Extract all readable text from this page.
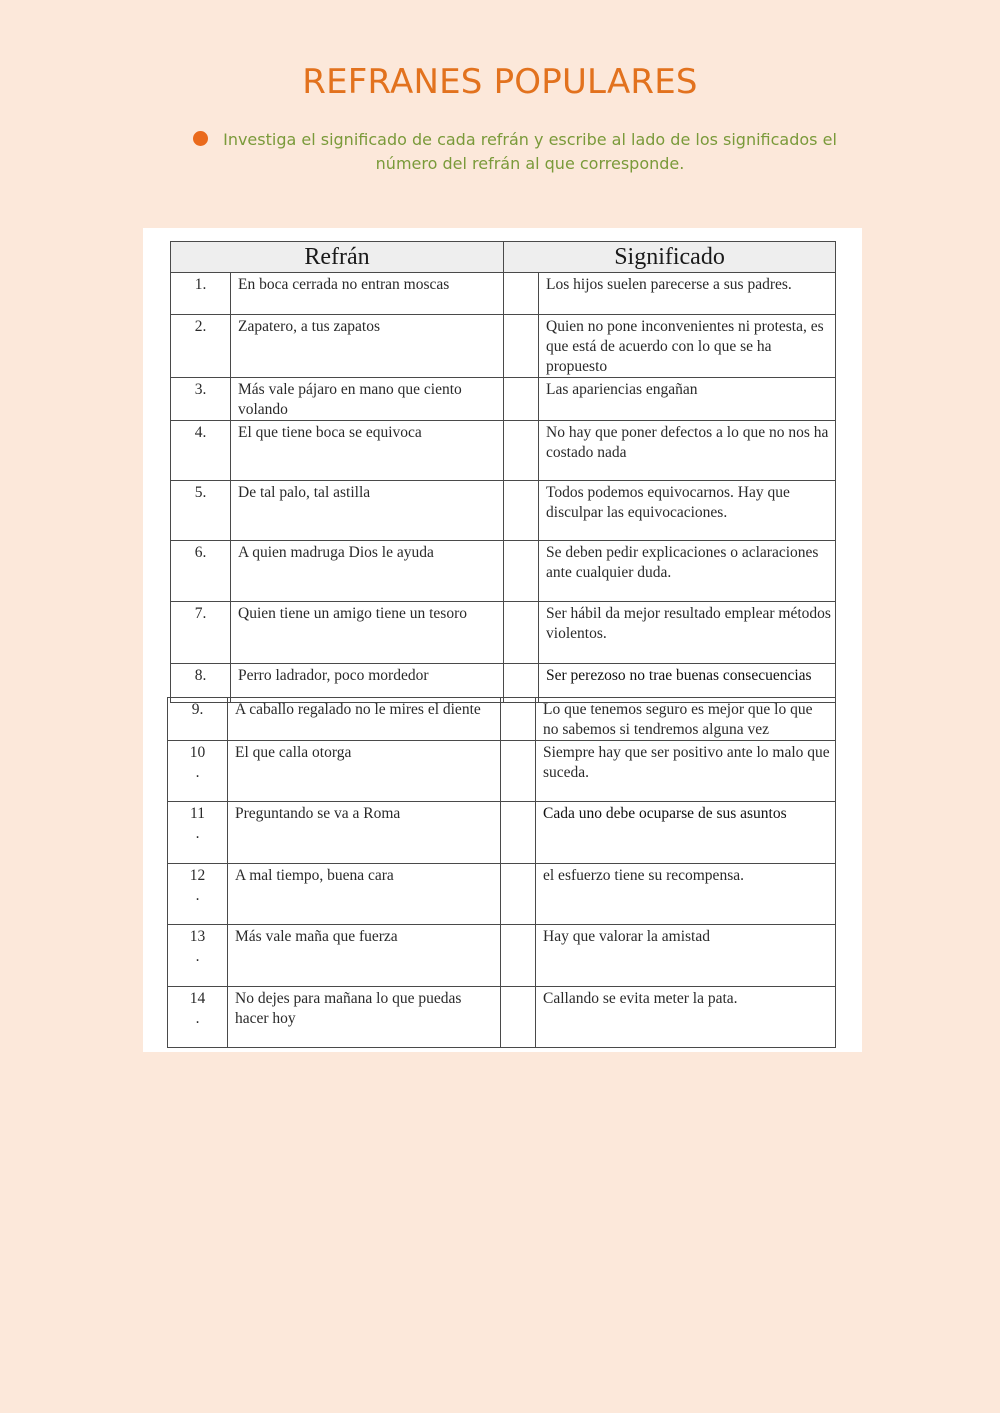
REFRANES POPULARES
Investiga el significado de cada refrán y escribe al lado de los significados el número del refrán al que corresponde.
Refrán		Significado	
1.	En boca cerrada no entran moscas		Los hijos suelen parecerse a sus padres.
2.	Zapatero, a tus zapatos		Quien no pone inconvenientes ni protesta, es que está de acuerdo con lo que se ha propuesto
3.	Más vale pájaro en mano que ciento volando		Las apariencias engañan
4.	El que tiene boca se equivoca		No hay que poner defectos a lo que no nos ha costado nada
5.	De tal palo, tal astilla		Todos podemos equivocarnos. Hay que disculpar las equivocaciones.
6.	A quien madruga Dios le ayuda		Se deben pedir explicaciones o aclaraciones ante cualquier duda.
7.	Quien tiene un amigo tiene un tesoro		Ser hábil da mejor resultado emplear métodos violentos.
8.	Perro ladrador, poco mordedor		Ser perezoso no trae buenas consecuencias
9.	A caballo regalado no le mires el diente		Lo que tenemos seguro es mejor que lo que no sabemos si tendremos alguna vez
10
.	El que calla otorga		Siempre hay que ser positivo ante lo malo que suceda.
11
.	Preguntando se va a Roma		Cada uno debe ocuparse de sus asuntos
12
.	A mal tiempo, buena cara		el esfuerzo tiene su recompensa.
13
.	Más vale maña que fuerza		Hay que valorar la amistad
14
.	No dejes para mañana lo que puedas hacer hoy		Callando se evita meter la pata.
